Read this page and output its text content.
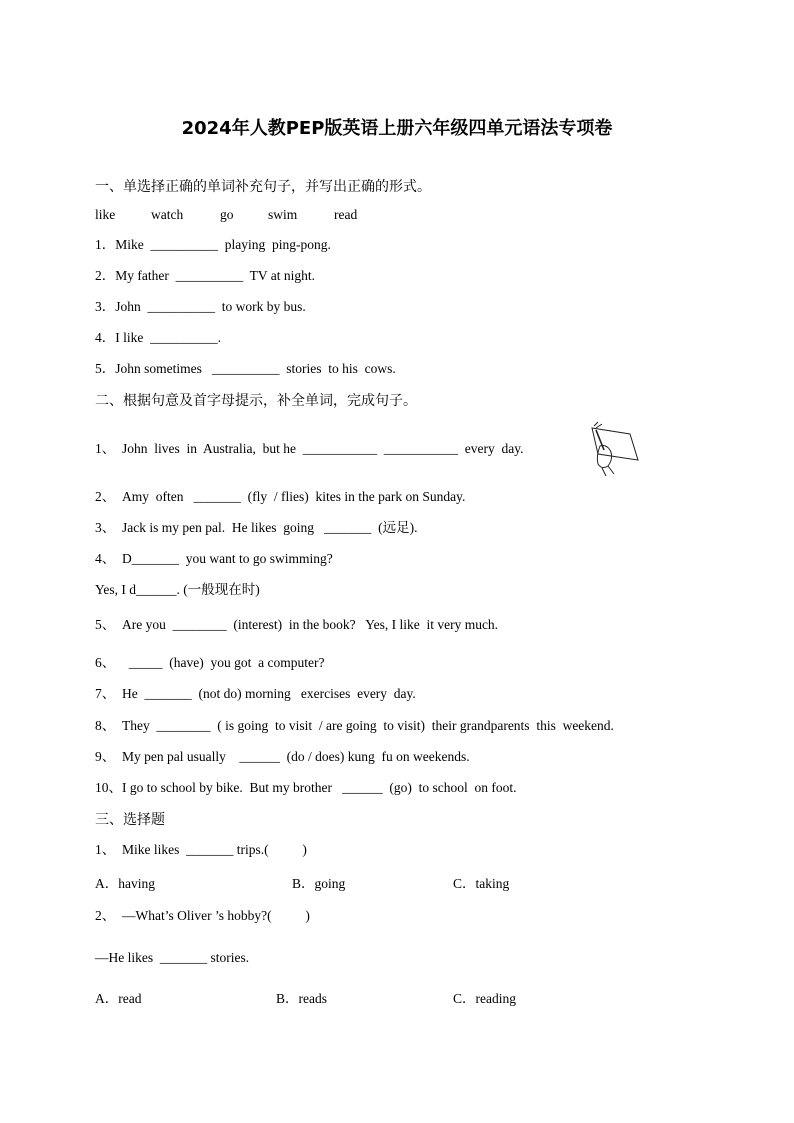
2024年人教PEP版英语上册六年级四单元语法专项卷
一、单选择正确的单词补充句子，并写出正确的形式。
like	watch	go	swim	read
1．Mike  __________  playing  ping-pong.
2．My father  __________  TV at night.
3．John  __________  to work by bus.
4．I like  __________.
5．John sometimes   __________  stories  to his  cows.
二、根据句意及首字母提示，补全单词，完成句子。
1、  John  lives  in  Australia,  but he  ___________  ___________  every  day.
2、  Amy  often   _______  (fly  / flies)  kites in the park on Sunday.
3、  Jack is my pen pal.  He likes  going   _______  (远足).
4、  D_______  you want to go swimming?
Yes, I d______. (一般现在时)
5、  Are you  ________  (interest)  in the book?   Yes, I like  it very much.
6、    _____  (have)  you got  a computer?
7、  He  _______  (not do) morning   exercises  every  day.
8、  They  ________  ( is going  to visit  / are going  to visit)  their grandparents  this  weekend.
9、  My pen pal usually    ______  (do / does) kung  fu on weekends.
10、I go to school by bike.  But my brother   ______  (go)  to school  on foot.
三、选择题
1、  Mike likes  _______ trips.(          )
A．having	B．going	C．taking
2、  —What’s Oliver ’s hobby?(          )
—He likes  _______ stories.
A．read	B．reads	C．reading
